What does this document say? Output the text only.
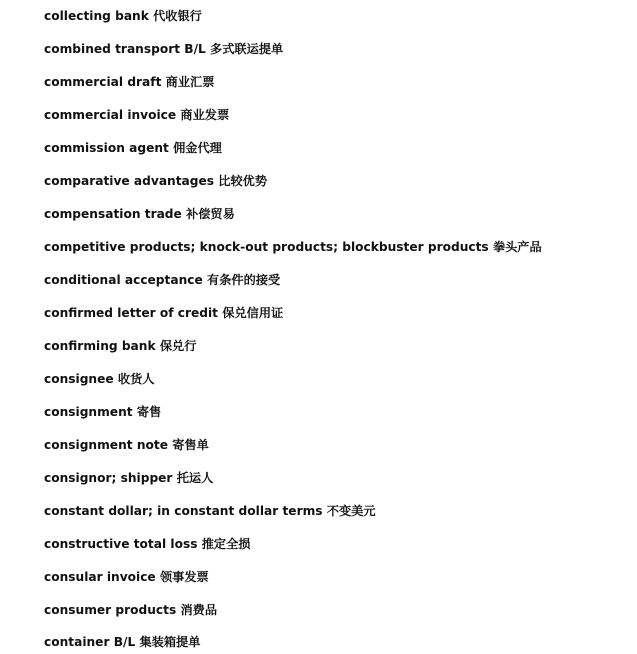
collecting bank 代收银行
combined transport B/L 多式联运提单
commercial draft 商业汇票
commercial invoice 商业发票
commission agent 佣金代理
comparative advantages 比较优势
compensation trade 补偿贸易
competitive products; knock-out products; blockbuster products 拳头产品
conditional acceptance 有条件的接受
confirmed letter of credit 保兑信用证
confirming bank 保兑行
consignee 收货人
consignment 寄售
consignment note 寄售单
consignor; shipper 托运人
constant dollar; in constant dollar terms 不变美元
constructive total loss 推定全损
consular invoice 领事发票
consumer products 消费品
container B/L 集装箱提单
